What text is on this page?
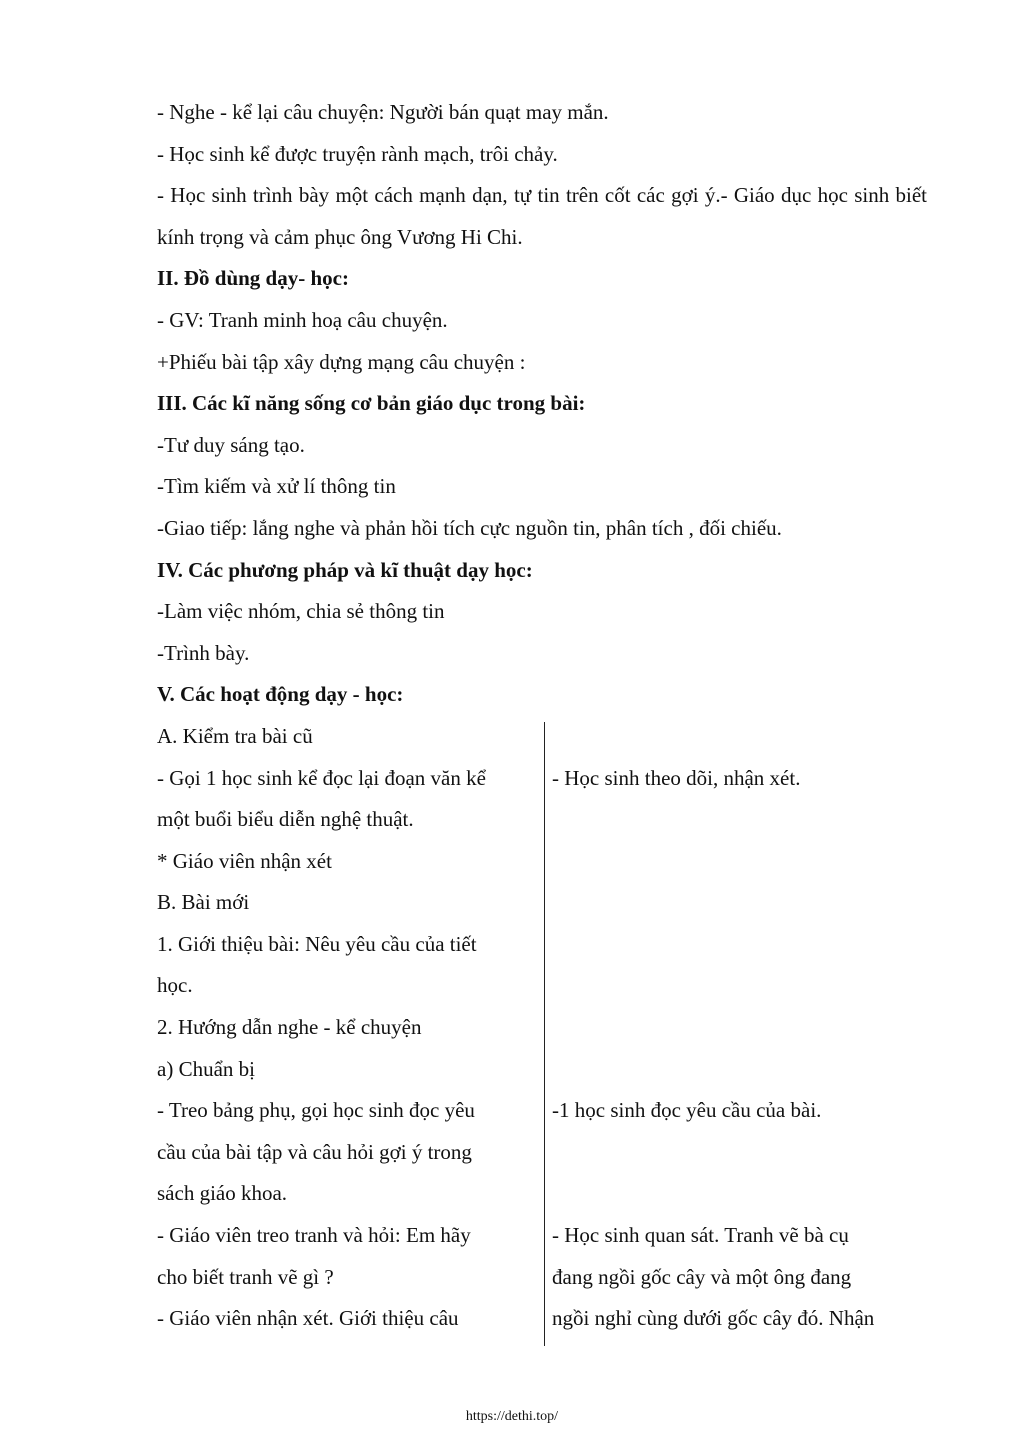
- Nghe - kể lại câu chuyện: Người bán quạt may mắn.
- Học sinh kể được truyện rành mạch, trôi chảy.
- Học sinh trình bày một cách mạnh dạn, tự tin trên cốt các gợi ý.- Giáo dục học sinh biết kính trọng và cảm phục ông Vương Hi Chi.
II. Đồ dùng dạy- học:
- GV: Tranh minh hoạ câu chuyện.
+Phiếu bài tập xây dựng mạng câu chuyện :
III. Các kĩ năng sống cơ bản giáo dục trong bài:
-Tư duy sáng tạo.
-Tìm kiếm và xử lí thông tin
-Giao tiếp: lắng nghe và phản hồi tích cực nguồn tin, phân tích , đối chiếu.
IV. Các phương pháp và kĩ thuật dạy học:
-Làm việc nhóm, chia sẻ thông tin
-Trình bày.
V. Các hoạt động dạy - học:
A. Kiểm tra bài cũ
- Gọi 1 học sinh kể đọc lại đoạn văn kể
một buổi biểu diễn nghệ thuật.
* Giáo viên nhận xét
B. Bài mới
1. Giới thiệu bài: Nêu yêu cầu của tiết
học.
2. Hướng dẫn nghe - kể chuyện
a) Chuẩn bị
- Treo bảng phụ, gọi học sinh đọc yêu
cầu của bài tập và câu hỏi gợi ý trong
sách giáo khoa.
- Giáo viên treo tranh và hỏi: Em hãy
cho biết tranh vẽ gì ?
- Giáo viên nhận xét. Giới thiệu câu
- Học sinh theo dõi, nhận xét.
-1 học sinh đọc yêu cầu của bài.
- Học sinh quan sát. Tranh vẽ bà cụ
đang ngồi gốc cây và một ông đang
ngồi nghỉ cùng dưới gốc cây đó. Nhận
https://dethi.top/
